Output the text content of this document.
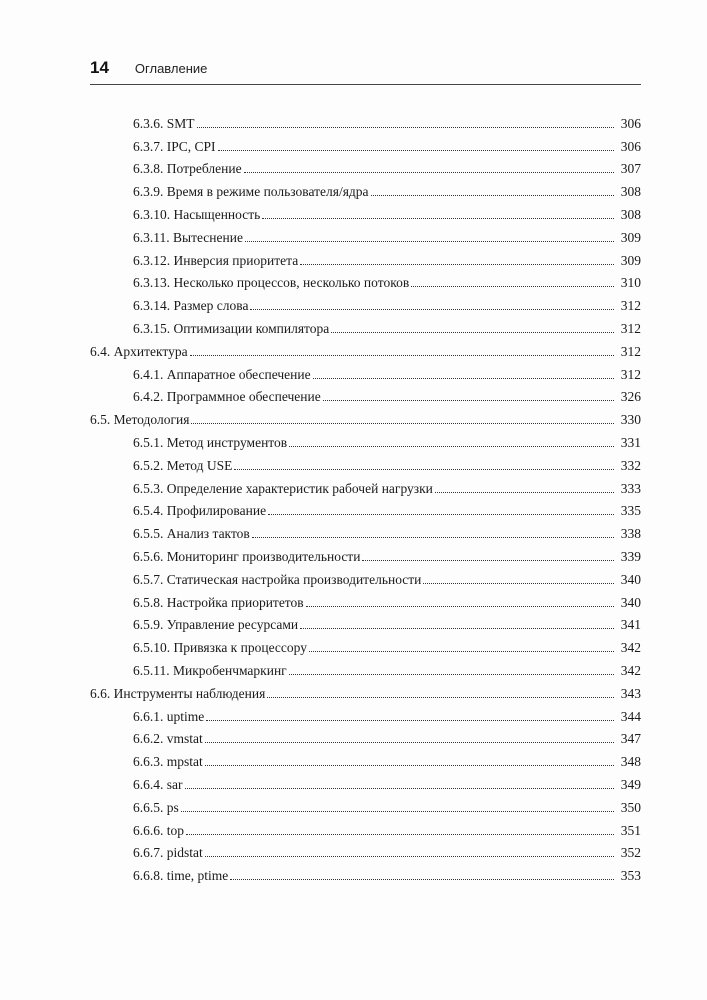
14 Оглавление
6.3.6. SMT	306
6.3.7. IPC, CPI	306
6.3.8. Потребление	307
6.3.9. Время в режиме пользователя/ядра	308
6.3.10. Насыщенность	308
6.3.11. Вытеснение	309
6.3.12. Инверсия приоритета	309
6.3.13. Несколько процессов, несколько потоков	310
6.3.14. Размер слова	312
6.3.15. Оптимизации компилятора	312
6.4. Архитектура	312
6.4.1. Аппаратное обеспечение	312
6.4.2. Программное обеспечение	326
6.5. Методология	330
6.5.1. Метод инструментов	331
6.5.2. Метод USE	332
6.5.3. Определение характеристик рабочей нагрузки	333
6.5.4. Профилирование	335
6.5.5. Анализ тактов	338
6.5.6. Мониторинг производительности	339
6.5.7. Статическая настройка производительности	340
6.5.8. Настройка приоритетов	340
6.5.9. Управление ресурсами	341
6.5.10. Привязка к процессору	342
6.5.11. Микробенчмаркинг	342
6.6. Инструменты наблюдения	343
6.6.1. uptime	344
6.6.2. vmstat	347
6.6.3. mpstat	348
6.6.4. sar	349
6.6.5. ps	350
6.6.6. top	351
6.6.7. pidstat	352
6.6.8. time, ptime	353
